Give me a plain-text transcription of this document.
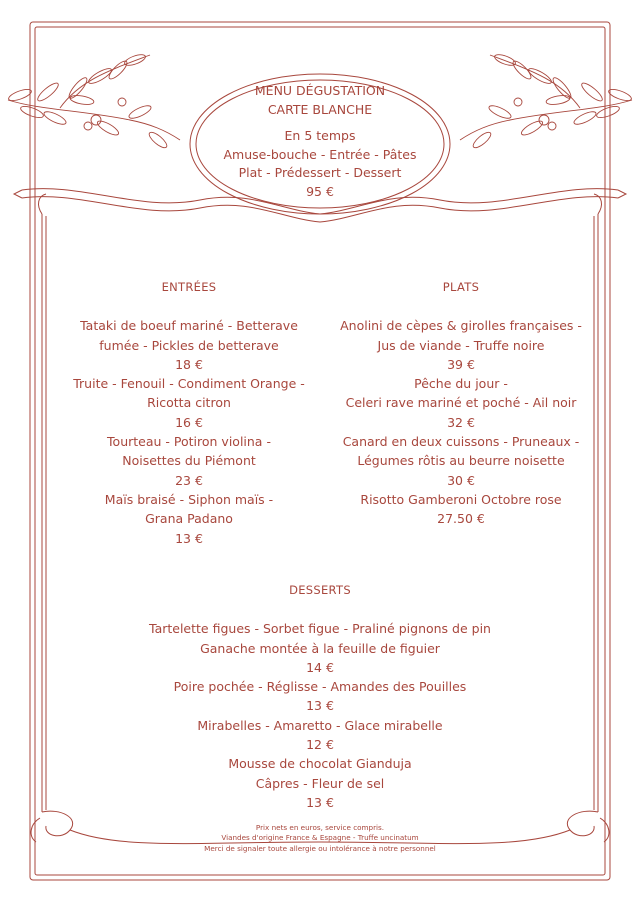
MENU DÉGUSTATION
CARTE BLANCHE
En 5 temps
Amuse-bouche - Entrée - Pâtes
Plat - Prédessert - Dessert
95 €
ENTRÉES
Tataki de boeuf mariné - Betterave
fumée - Pickles de betterave
18 €
Truite - Fenouil - Condiment Orange -
Ricotta citron
16 €
Tourteau - Potiron violina -
Noisettes du Piémont
23 €
Maïs braisé - Siphon maïs -
Grana Padano
13 €
PLATS
Anolini de cèpes & girolles françaises -
Jus de viande - Truffe noire
39 €
Pêche du jour -
Celeri rave mariné et poché - Ail noir
32 €
Canard en deux cuissons - Pruneaux -
Légumes rôtis au beurre noisette
30 €
Risotto Gamberoni Octobre rose
27.50 €
DESSERTS
Tartelette figues - Sorbet figue - Praliné pignons de pin
Ganache montée à la feuille de figuier
14 €
Poire pochée - Réglisse - Amandes des Pouilles
13 €
Mirabelles - Amaretto - Glace mirabelle
12 €
Mousse de chocolat Gianduja
Câpres - Fleur de sel
13 €
Prix nets en euros, service compris.
Viandes d'origine France & Espagne - Truffe uncinatum
Merci de signaler toute allergie ou intolérance à notre personnel
